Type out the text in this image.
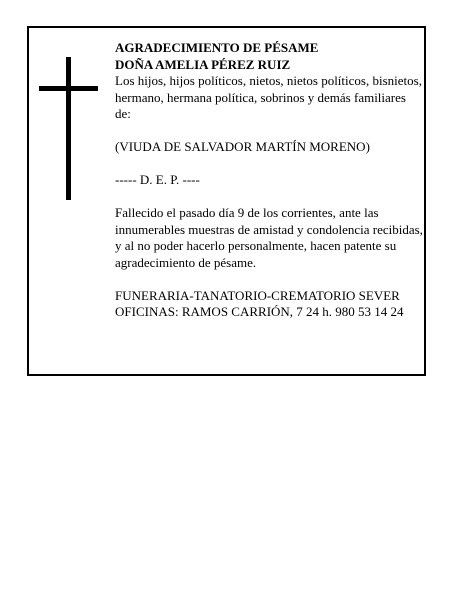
AGRADECIMIENTO DE PÉSAME

DOÑA AMELIA PÉREZ RUIZ

Los hijos, hijos políticos, nietos, nietos políticos, bisnietos, hermano, hermana política, sobrinos y demás familiares de:

(VIUDA DE SALVADOR MARTÍN MORENO)

----- D. E. P. ----

Fallecido el pasado día 9 de los corrientes, ante las innumerables muestras de amistad y condolencia recibidas, y al no poder hacerlo personalmente, hacen patente su agradecimiento de pésame.

FUNERARIA-TANATORIO-CREMATORIO SEVER

OFICINAS: RAMOS CARRIÓN, 7 24 h. 980 53 14 24
